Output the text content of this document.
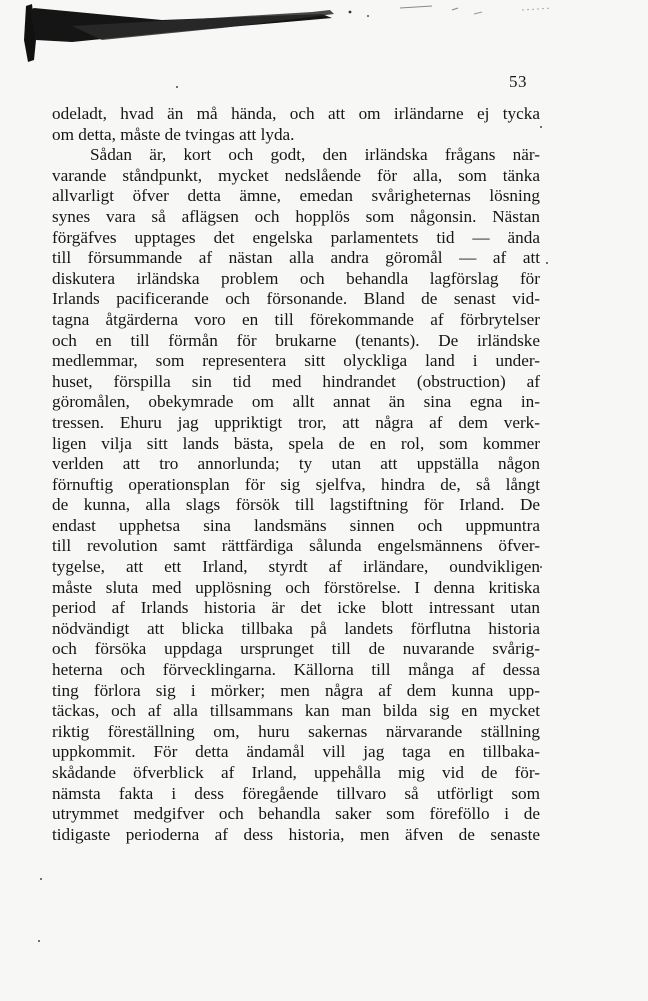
53
odeladt, hvad än må hända, och att om irländarne ej tycka
om detta, måste de tvingas att lyda.
Sådan är, kort och godt, den irländska frågans när-
varande ståndpunkt, mycket nedslående för alla, som tänka
allvarligt öfver detta ämne, emedan svårigheternas lösning
synes vara så aflägsen och hopplös som någonsin. Nästan
förgäfves upptages det engelska parlamentets tid — ända
till försummande af nästan alla andra göromål — af att
diskutera irländska problem och behandla lagförslag för
Irlands pacificerande och försonande. Bland de senast vid-
tagna åtgärderna voro en till förekommande af förbrytelser
och en till förmån för brukarne (tenants). De irländske
medlemmar, som representera sitt olyckliga land i under-
huset, förspilla sin tid med hindrandet (obstruction) af
göromålen, obekymrade om allt annat än sina egna in-
tressen. Ehuru jag uppriktigt tror, att några af dem verk-
ligen vilja sitt lands bästa, spela de en rol, som kommer
verlden att tro annorlunda; ty utan att uppställa någon
förnuftig operationsplan för sig sjelfva, hindra de, så långt
de kunna, alla slags försök till lagstiftning för Irland. De
endast upphetsa sina landsmäns sinnen och uppmuntra
till revolution samt rättfärdiga sålunda engelsmännens öfver-
tygelse, att ett Irland, styrdt af irländare, oundvikligen
måste sluta med upplösning och förstörelse. I denna kritiska
period af Irlands historia är det icke blott intressant utan
nödvändigt att blicka tillbaka på landets förflutna historia
och försöka uppdaga ursprunget till de nuvarande svårig-
heterna och förvecklingarna. Källorna till många af dessa
ting förlora sig i mörker; men några af dem kunna upp-
täckas, och af alla tillsammans kan man bilda sig en mycket
riktig föreställning om, huru sakernas närvarande ställning
uppkommit. För detta ändamål vill jag taga en tillbaka-
skådande öfverblick af Irland, uppehålla mig vid de för-
nämsta fakta i dess föregående tillvaro så utförligt som
utrymmet medgifver och behandla saker som föreföllo i de
tidigaste perioderna af dess historia, men äfven de senaste
